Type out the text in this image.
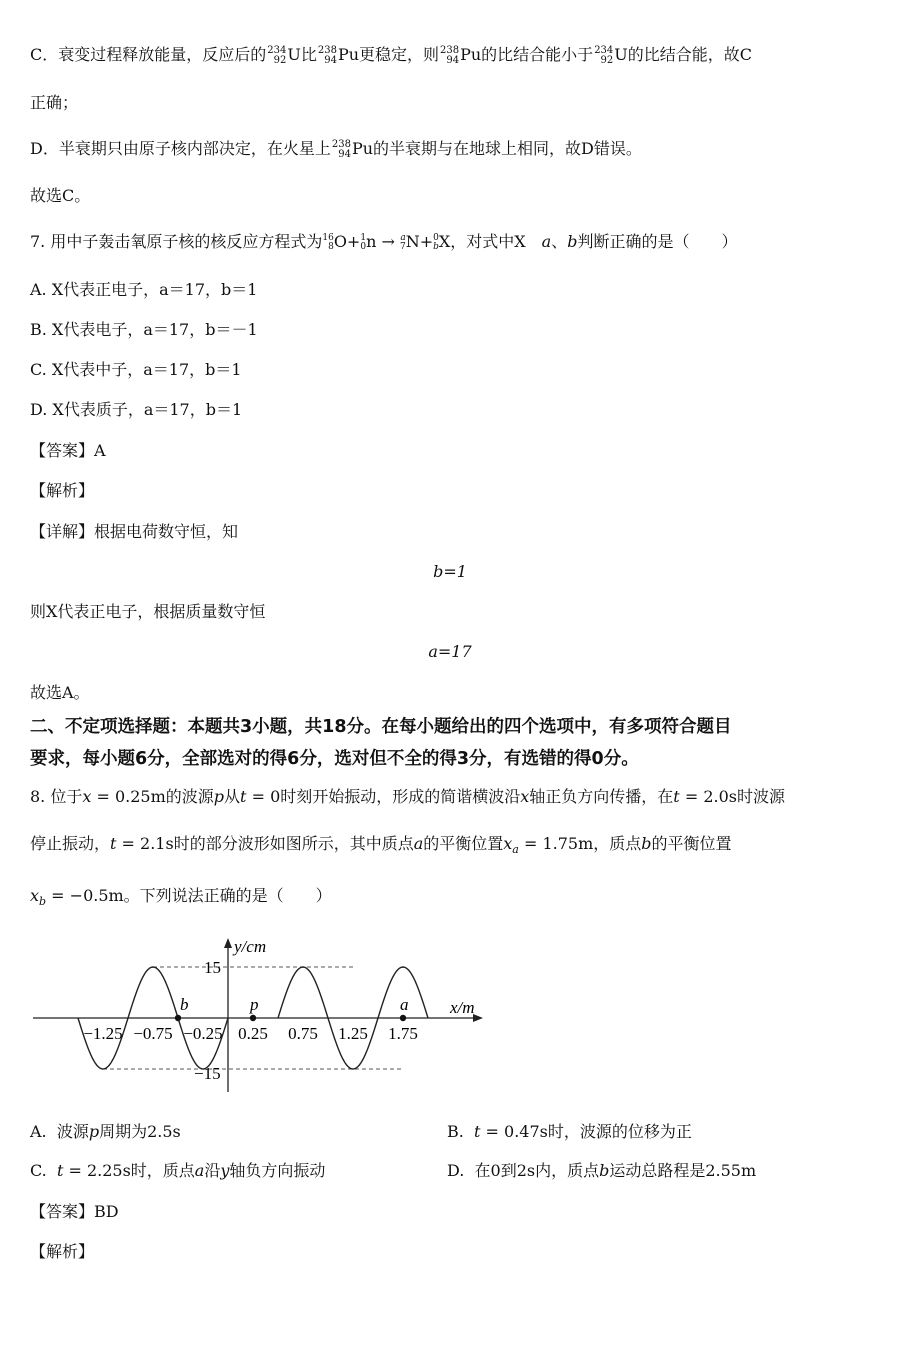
C．衰变过程释放能量，反应后的234
92U比238
94Pu更稳定，则238
94Pu的比结合能小于234
92U的比结合能，故C
正确；
D．半衰期只由原子核内部决定，在火星上238
94Pu的半衰期与在地球上相同，故D错误。
故选C。
7. 用中子轰击氧原子核的核反应方程式为16
8O+1
0n → a
7N+0
bX，对式中X　a、b判断正确的是（　　）
A. X代表正电子，a＝17，b＝1
B. X代表电子，a＝17，b＝－1
C. X代表中子，a＝17，b＝1
D. X代表质子，a＝17，b＝1
【答案】A
【解析】
【详解】根据电荷数守恒，知
b=1
则X代表正电子，根据质量数守恒
a=17
故选A。
二、不定项选择题：本题共3小题，共18分。在每小题给出的四个选项中，有多项符合题目
要求，每小题6分，全部选对的得6分，选对但不全的得3分，有选错的得0分。
8. 位于x = 0.25m的波源p从t = 0时刻开始振动，形成的简谐横波沿x轴正负方向传播，在t = 2.0s时波源
停止振动，t = 2.1s时的部分波形如图所示，其中质点a的平衡位置$x_a = 1.75m$，质点b的平衡位置
$x_b = -0.5m$。下列说法正确的是（　　）
y/cm
x/m
15
−15
−1.25 −0.75 −0.25 0.25 0.75 1.25 1.75
b	p	a
A.  波源p周期为2.5s	B.  t = 0.47s时，波源的位移为正
C.  t = 2.25s时，质点a沿y轴负方向振动	D.  在0到2s内，质点b运动总路程是2.55m
【答案】BD
【解析】
